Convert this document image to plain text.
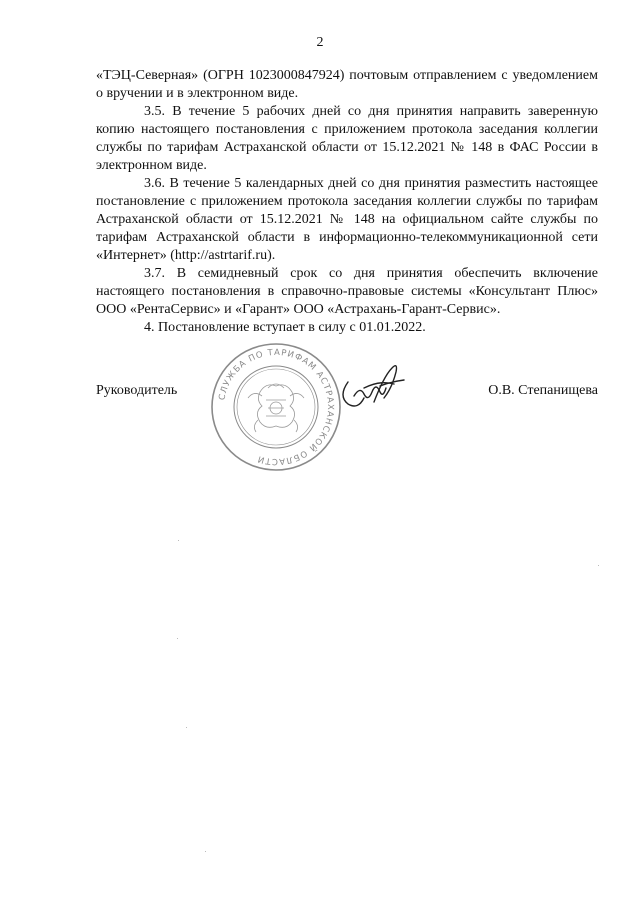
2

«ТЭЦ-Северная» (ОГРН 1023000847924) почтовым отправлением с уведомлением о вручении и в электронном виде.

3.5. В течение 5 рабочих дней со дня принятия направить заверенную копию настоящего постановления с приложением протокола заседания коллегии службы по тарифам Астраханской области от 15.12.2021 № 148 в ФАС России в электронном виде.

3.6. В течение 5 календарных дней со дня принятия разместить настоящее постановление с приложением протокола заседания коллегии службы по тарифам Астраханской области от 15.12.2021 № 148 на официальном сайте службы по тарифам Астраханской области в информационно-телекоммуникационной сети «Интернет» (http://astrtarif.ru).

3.7. В семидневный срок со дня принятия обеспечить включение настоящего постановления в справочно-правовые системы «Консультант Плюс» ООО «РентаСервис» и «Гарант» ООО «Астрахань-Гарант-Сервис».

4. Постановление вступает в силу с 01.01.2022.

Руководитель	СЛУЖБА ПО ТАРИФАМ АСТРАХАНСКОЙ ОБЛАСТИ
О.В. Степанищева
